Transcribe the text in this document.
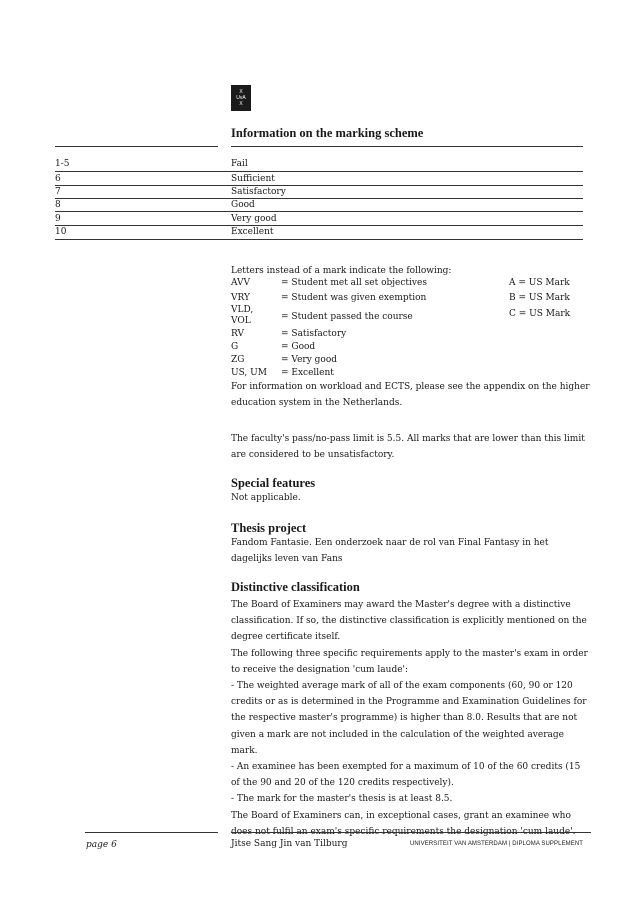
X
UvA
X
Information on the marking scheme
1-5	Fail
6	Sufficient
7	Satisfactory
8	Good
9	Very good
10	Excellent
Letters instead of a mark indicate the following:
AVV	= Student met all set objectives	A = US Mark
VRY	= Student was given exemption	B = US Mark
VLD,
VOL	= Student passed the course	C = US Mark
RV	= Satisfactory
G	= Good
ZG	= Very good
US, UM = Excellent
For information on workload and ECTS, please see the appendix on the higher education system in the Netherlands.
The faculty's pass/no-pass limit is 5.5. All marks that are lower than this limit are considered to be unsatisfactory.
Special features
Not applicable.
Thesis project
Fandom Fantasie. Een onderzoek naar de rol van Final Fantasy in het dagelijks leven van Fans
Distinctive classification
The Board of Examiners may award the Master's degree with a distinctive classification. If so, the distinctive classification is explicitly mentioned on the degree certificate itself.
The following three specific requirements apply to the master's exam in order to receive the designation 'cum laude':
- The weighted average mark of all of the exam components (60, 90 or 120 credits or as is determined in the Programme and Examination Guidelines for the respective master's programme) is higher than 8.0. Results that are not given a mark are not included in the calculation of the weighted average mark.
- An examinee has been exempted for a maximum of 10 of the 60 credits (15 of the 90 and 20 of the 120 credits respectively).
- The mark for the master's thesis is at least 8.5.
The Board of Examiners can, in exceptional cases, grant an examinee who does not fulfil an exam's specific requirements the designation 'cum laude'.
page 6	Jitse Sang Jin van Tilburg	UNIVERSITEIT VAN AMSTERDAM | DIPLOMA SUPPLEMENT
